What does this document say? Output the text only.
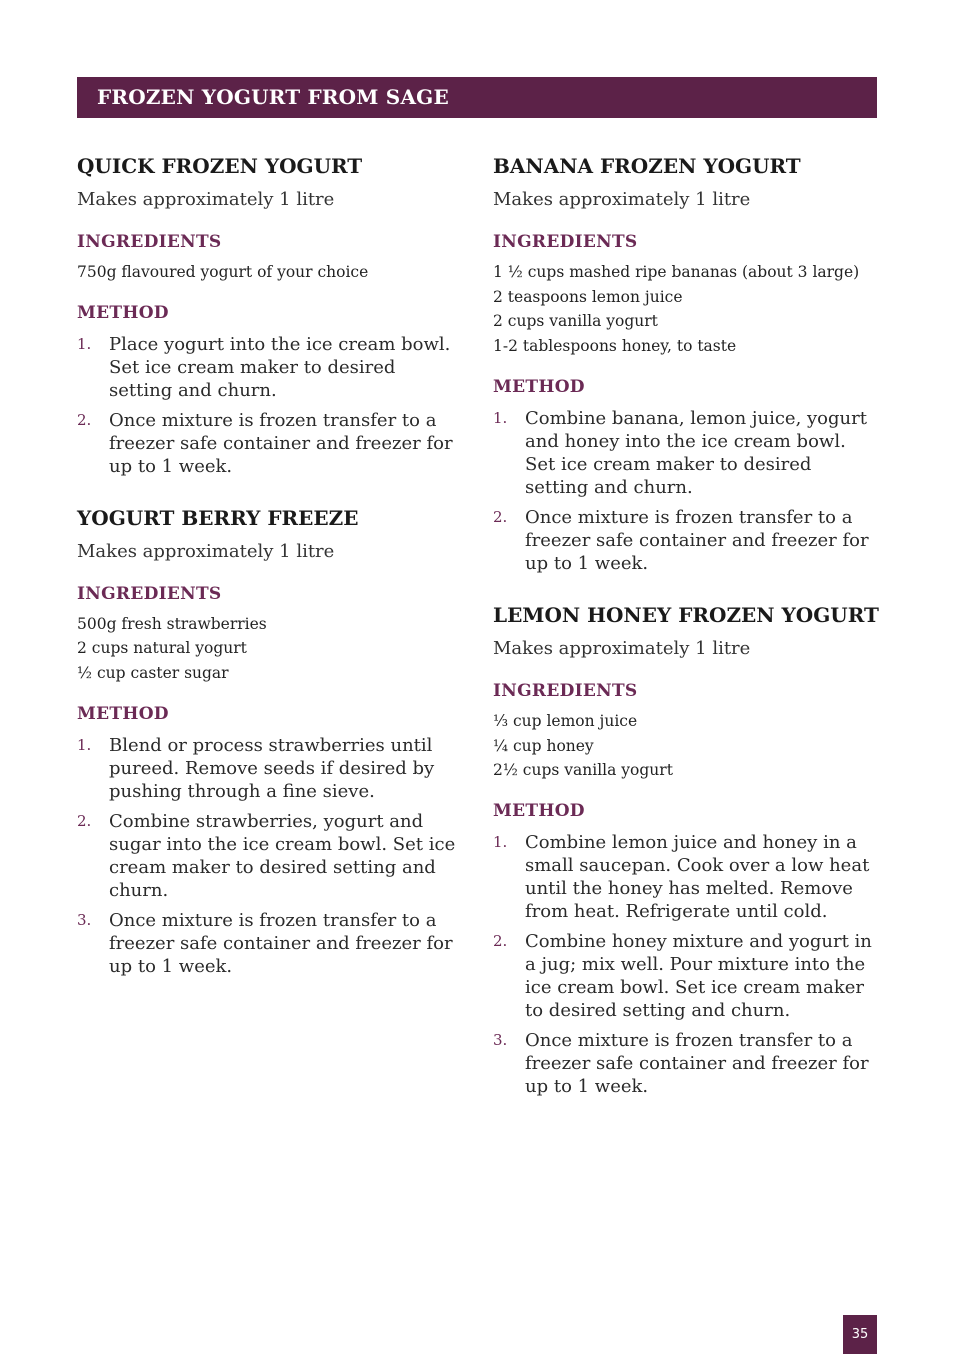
FROZEN YOGURT FROM SAGE
QUICK FROZEN YOGURT
Makes approximately 1 litre
INGREDIENTS
750g flavoured yogurt of your choice
METHOD
1. Place yogurt into the ice cream bowl. Set ice cream maker to desired setting and churn.
2. Once mixture is frozen transfer to a freezer safe container and freezer for up to 1 week.
YOGURT BERRY FREEZE
Makes approximately 1 litre
INGREDIENTS
500g fresh strawberries
2 cups natural yogurt
½ cup caster sugar
METHOD
1. Blend or process strawberries until pureed. Remove seeds if desired by pushing through a fine sieve.
2. Combine strawberries, yogurt and sugar into the ice cream bowl. Set ice cream maker to desired setting and churn.
3. Once mixture is frozen transfer to a freezer safe container and freezer for up to 1 week.
BANANA FROZEN YOGURT
Makes approximately 1 litre
INGREDIENTS
1 ½ cups mashed ripe bananas (about 3 large)
2 teaspoons lemon juice
2 cups vanilla yogurt
1-2 tablespoons honey, to taste
METHOD
1. Combine banana, lemon juice, yogurt and honey into the ice cream bowl. Set ice cream maker to desired setting and churn.
2. Once mixture is frozen transfer to a freezer safe container and freezer for up to 1 week.
LEMON HONEY FROZEN YOGURT
Makes approximately 1 litre
INGREDIENTS
⅓ cup lemon juice
¼ cup honey
2½ cups vanilla yogurt
METHOD
1. Combine lemon juice and honey in a small saucepan. Cook over a low heat until the honey has melted. Remove from heat. Refrigerate until cold.
2. Combine honey mixture and yogurt in a jug; mix well. Pour mixture into the ice cream bowl. Set ice cream maker to desired setting and churn.
3. Once mixture is frozen transfer to a freezer safe container and freezer for up to 1 week.
35
